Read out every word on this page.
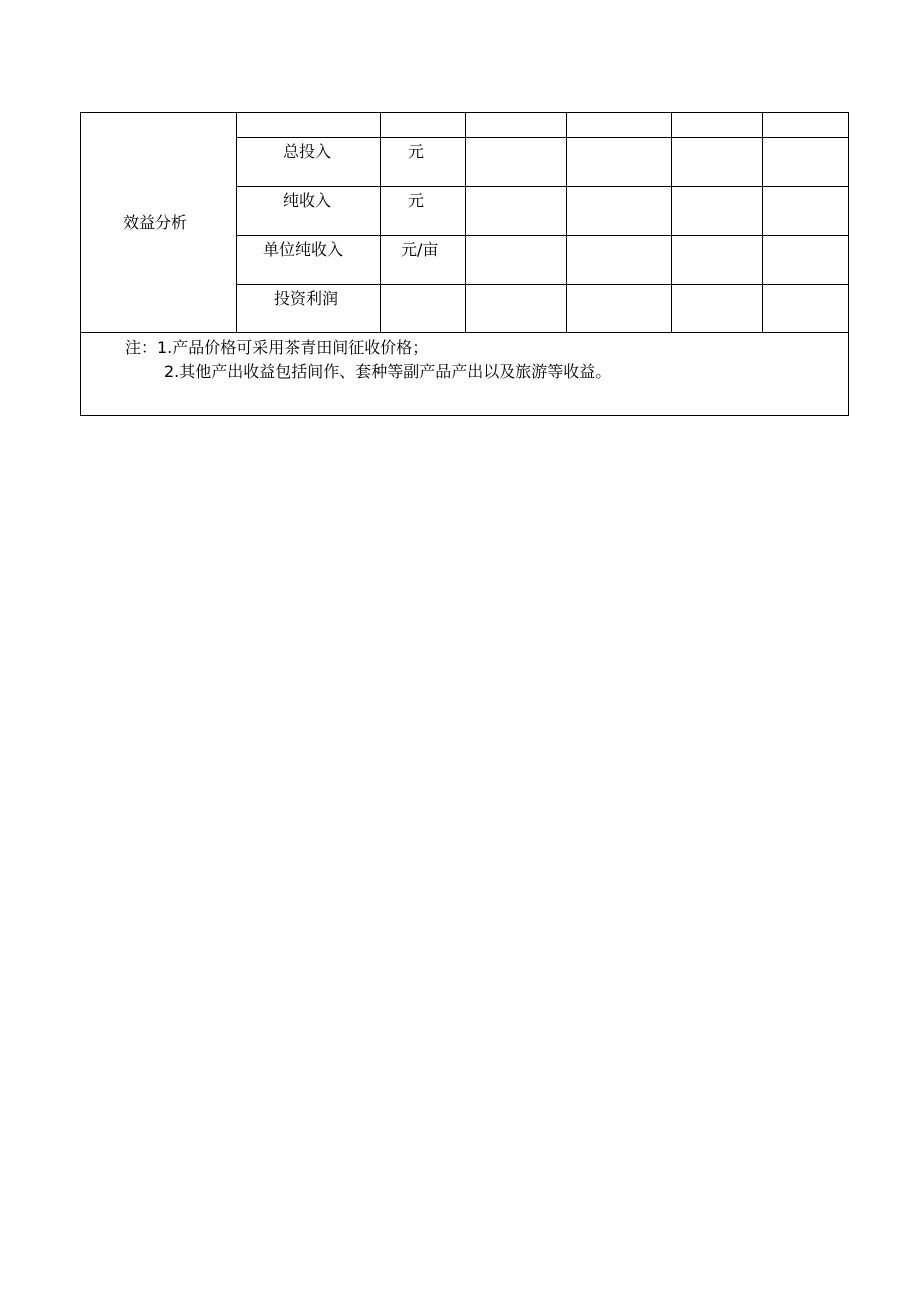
效益分析
总投入	元
纯收入	元
单位纯收入	元/亩
投资利润
注：1.产品价格可采用茶青田间征收价格；
2.其他产出收益包括间作、套种等副产品产出以及旅游等收益。
